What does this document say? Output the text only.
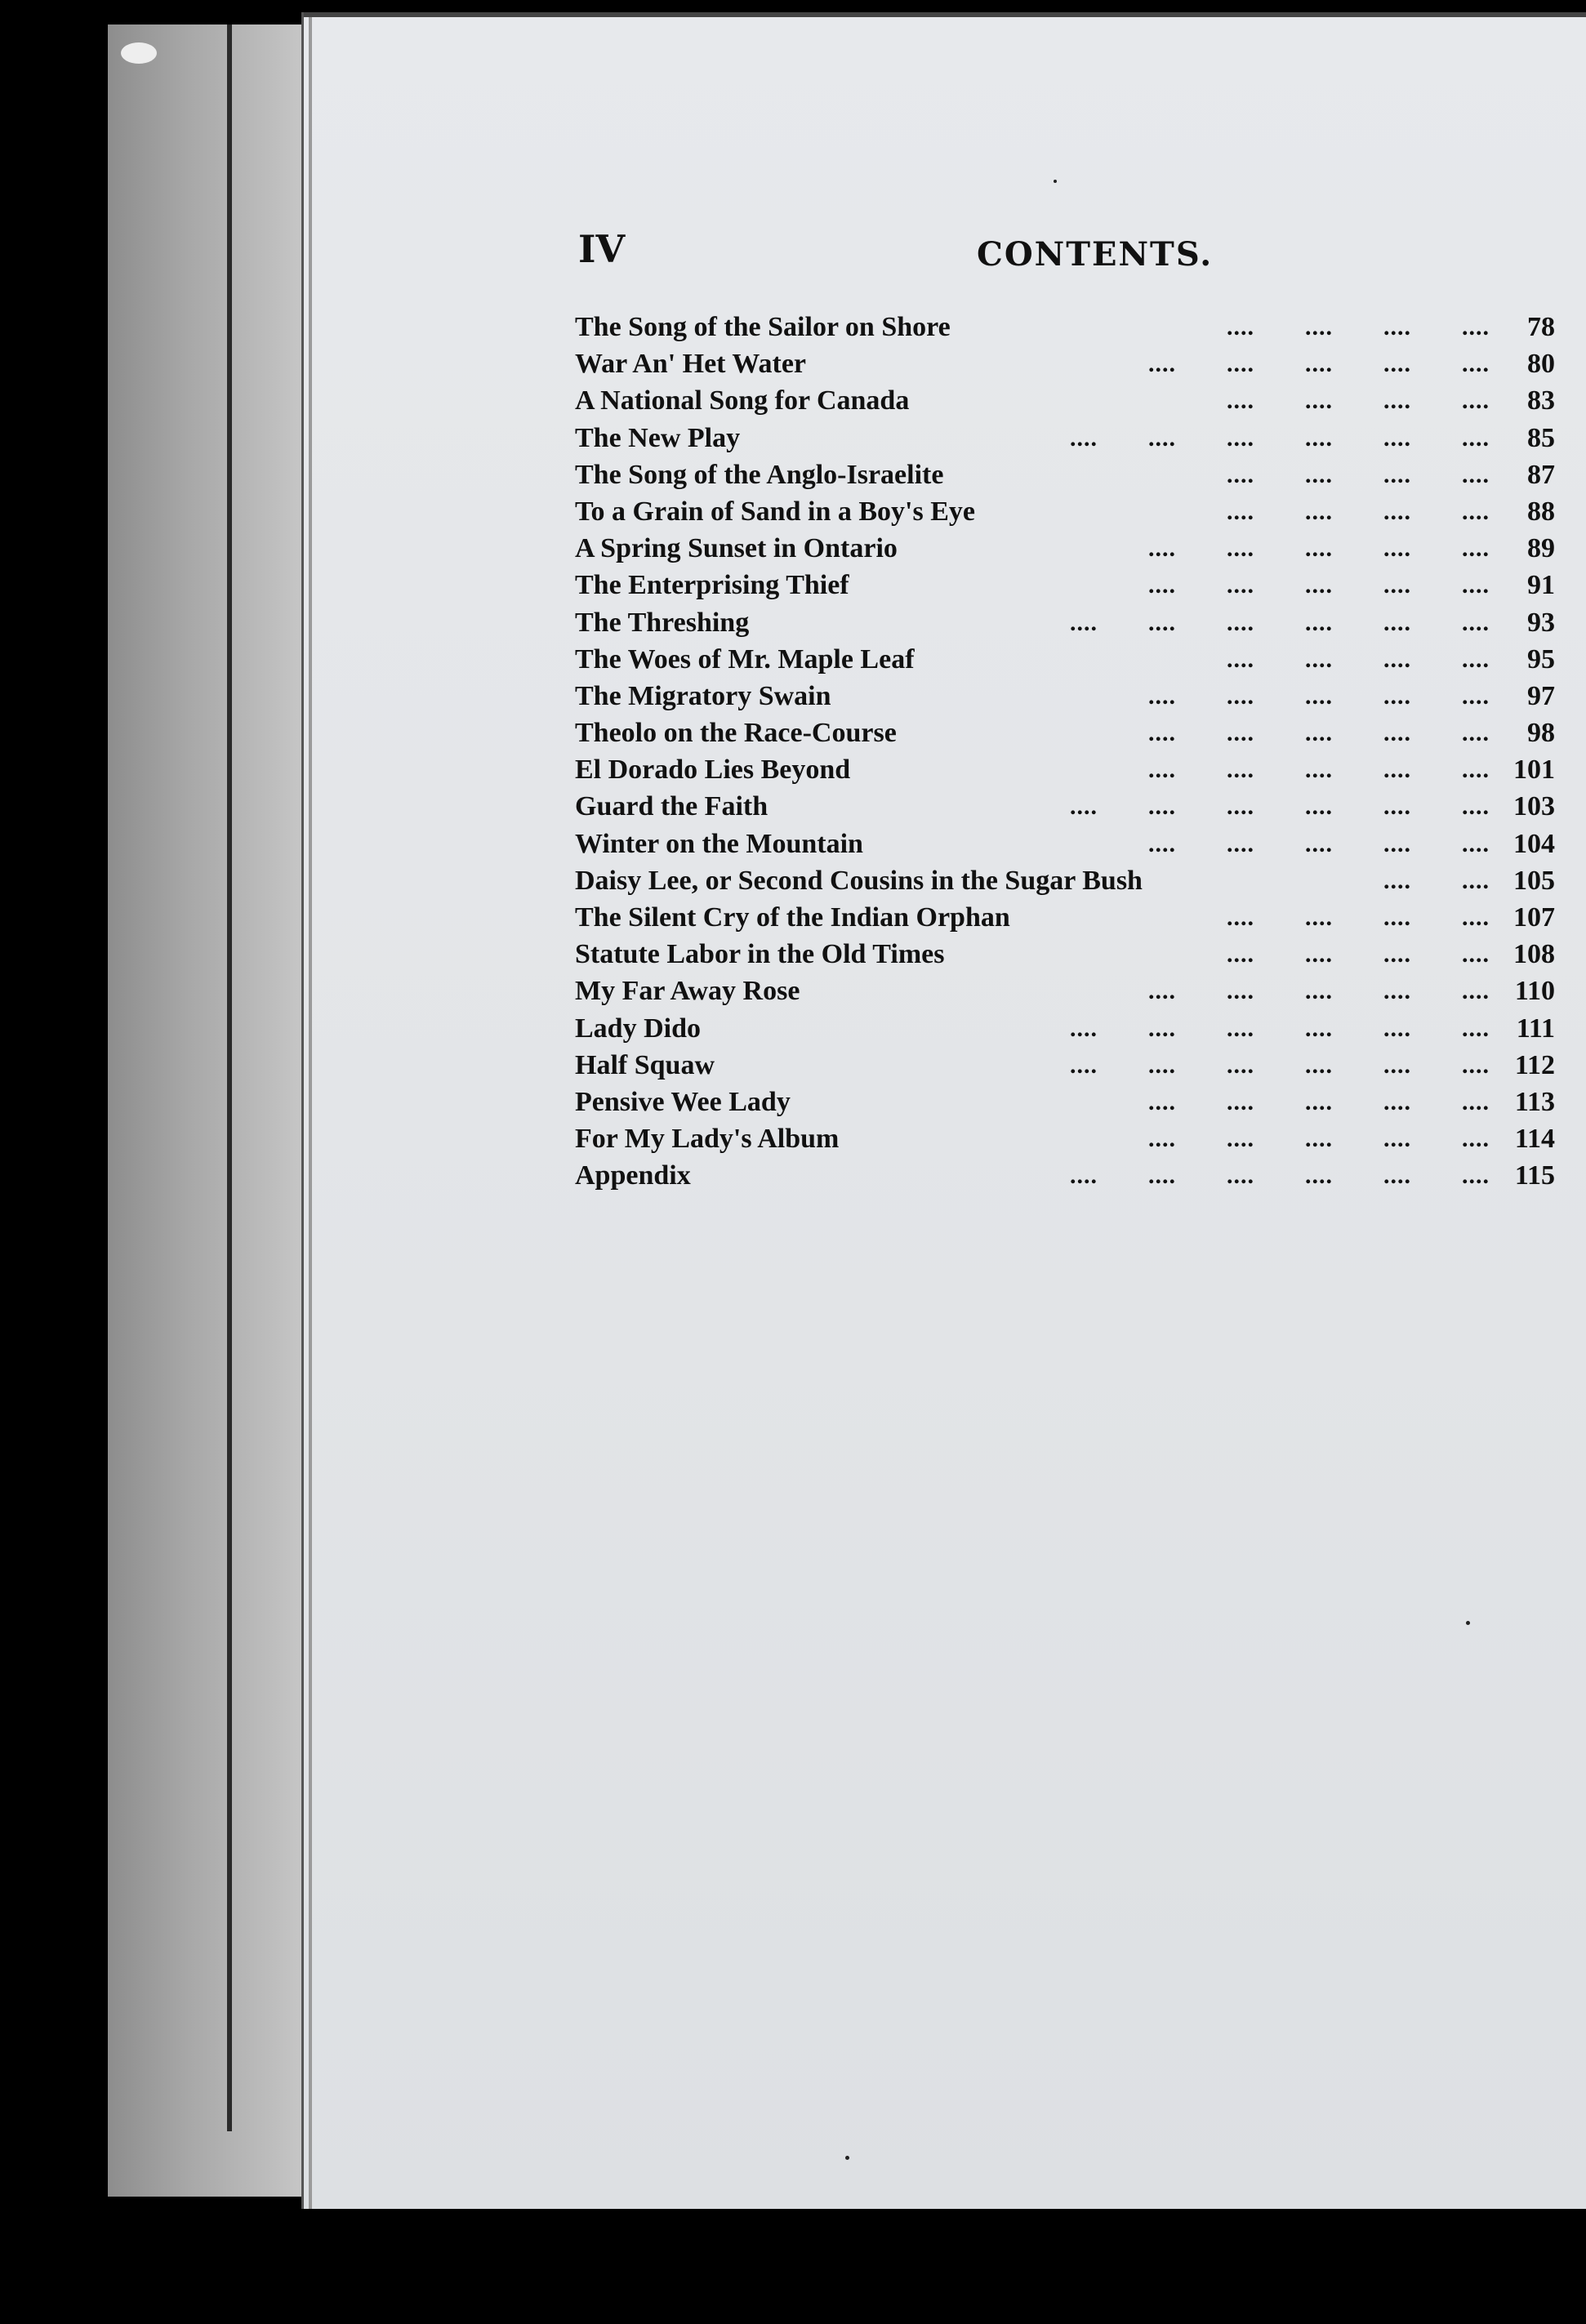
IV	CONTENTS.
....  ....  ....  ....
The Song of the Sailor on Shore	78
....  ....  ....  ....  ....
War An' Het Water	80
....  ....  ....  ....
A National Song for Canada	83
....  ....  ....  ....  ....  ....
The New Play	85
....  ....  ....  ....
The Song of the Anglo-Israelite	87
....  ....  ....  ....
To a Grain of Sand in a Boy's Eye	88
....  ....  ....  ....  ....
A Spring Sunset in Ontario	89
....  ....  ....  ....  ....
The Enterprising Thief	91
....  ....  ....  ....  ....  ....
The Threshing	93
....  ....  ....  ....
The Woes of Mr. Maple Leaf	95
....  ....  ....  ....  ....
The Migratory Swain	97
....  ....  ....  ....  ....
Theolo on the Race-Course	98
....  ....  ....  ....  ....
El Dorado Lies Beyond	101
....  ....  ....  ....  ....  ....
Guard the Faith	103
....  ....  ....  ....  ....
Winter on the Mountain	104
....  ....
Daisy Lee, or Second Cousins in the Sugar Bush	105
....  ....  ....  ....
The Silent Cry of the Indian Orphan	107
....  ....  ....  ....
Statute Labor in the Old Times	108
....  ....  ....  ....  ....
My Far Away Rose	110
....  ....  ....  ....  ....  ....
Lady Dido	111
....  ....  ....  ....  ....  ....
Half Squaw	112
....  ....  ....  ....  ....
Pensive Wee Lady	113
....  ....  ....  ....  ....
For My Lady's Album	114
....  ....  ....  ....  ....  ....
Appendix	115
